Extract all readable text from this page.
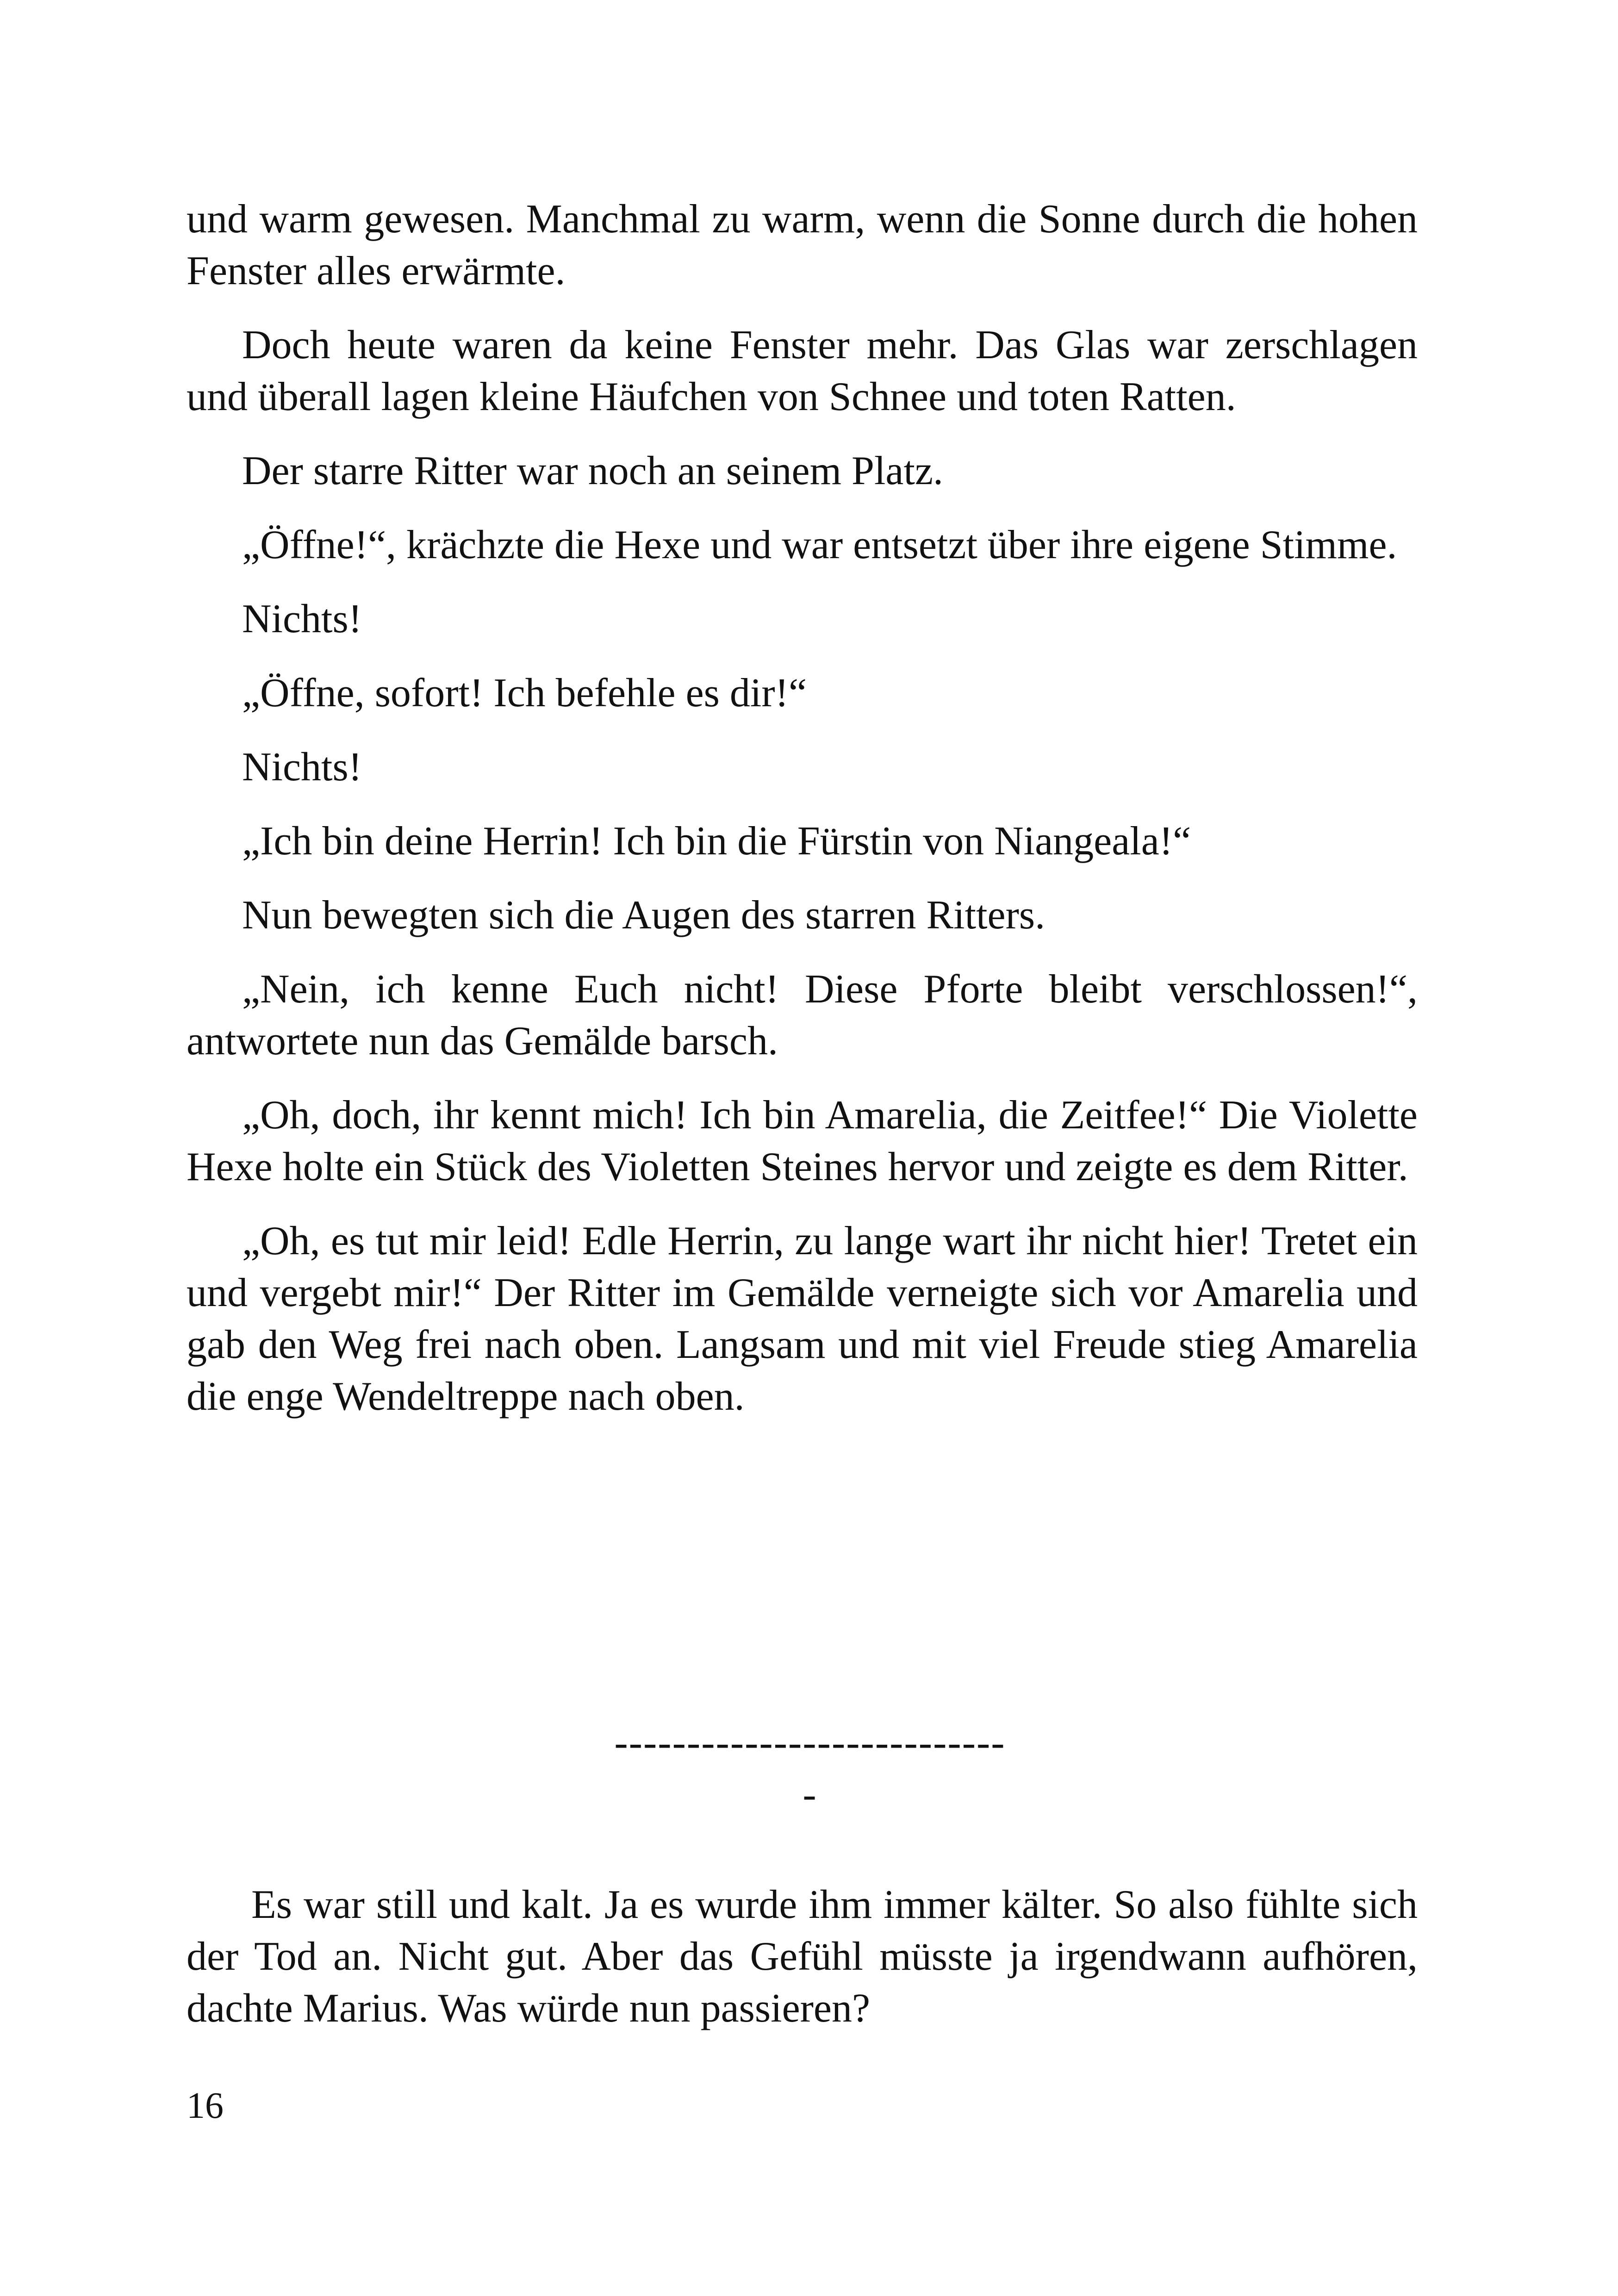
und warm gewesen. Manchmal zu warm, wenn die Sonne durch die hohen Fenster alles erwärmte.

Doch heute waren da keine Fenster mehr. Das Glas war zerschlagen und überall lagen kleine Häufchen von Schnee und toten Ratten.

Der starre Ritter war noch an seinem Platz.

„Öffne!“, krächzte die Hexe und war entsetzt über ihre eigene Stimme.

Nichts!

„Öffne, sofort! Ich befehle es dir!“

Nichts!

„Ich bin deine Herrin! Ich bin die Fürstin von Niangeala!“

Nun bewegten sich die Augen des starren Ritters.

„Nein, ich kenne Euch nicht! Diese Pforte bleibt verschlossen!“, antwortete nun das Gemälde barsch.

„Oh, doch, ihr kennt mich! Ich bin Amarelia, die Zeitfee!“ Die Violette Hexe holte ein Stück des Violetten Steines hervor und zeigte es dem Ritter.

„Oh, es tut mir leid! Edle Herrin, zu lange wart ihr nicht hier! Tretet ein und vergebt mir!“ Der Ritter im Gemälde verneigte sich vor Amarelia und gab den Weg frei nach oben. Langsam und mit viel Freude stieg Amarelia die enge Wendeltreppe nach oben.

----------------------------

Es war still und kalt. Ja es wurde ihm immer kälter. So also fühlte sich der Tod an. Nicht gut. Aber das Gefühl müsste ja irgendwann aufhören, dachte Marius. Was würde nun passieren?

16
